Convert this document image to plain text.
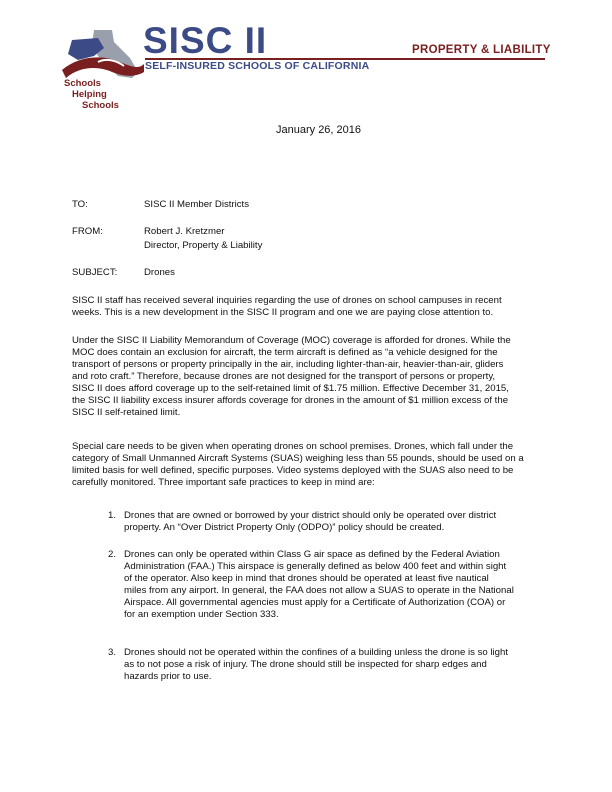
Schools
Helping
Schools
SISC II	PROPERTY & LIABILITY
SELF-INSURED SCHOOLS OF CALIFORNIA
January 26, 2016
TO:	SISC II Member Districts
FROM:	Robert J. Kretzmer
Director, Property & Liability
SUBJECT:	Drones
SISC II staff has received several inquiries regarding the use of drones on school campuses in recent
weeks. This is a new development in the SISC II program and one we are paying close attention to.
Under the SISC II Liability Memorandum of Coverage (MOC) coverage is afforded for drones. While the
MOC does contain an exclusion for aircraft, the term aircraft is defined as “a vehicle designed for the
transport of persons or property principally in the air, including lighter-than-air, heavier-than-air, gliders
and roto craft.” Therefore, because drones are not designed for the transport of persons or property,
SISC II does afford coverage up to the self-retained limit of $1.75 million. Effective December 31, 2015,
the SISC II liability excess insurer affords coverage for drones in the amount of $1 million excess of the
SISC II self-retained limit.
Special care needs to be given when operating drones on school premises. Drones, which fall under the
category of Small Unmanned Aircraft Systems (SUAS) weighing less than 55 pounds, should be used on a
limited basis for well defined, specific purposes. Video systems deployed with the SUAS also need to be
carefully monitored. Three important safe practices to keep in mind are:
1. Drones that are owned or borrowed by your district should only be operated over district
property. An “Over District Property Only (ODPO)” policy should be created.
2. Drones can only be operated within Class G air space as defined by the Federal Aviation
Administration (FAA.) This airspace is generally defined as below 400 feet and within sight
of the operator. Also keep in mind that drones should be operated at least five nautical
miles from any airport. In general, the FAA does not allow a SUAS to operate in the National
Airspace. All governmental agencies must apply for a Certificate of Authorization (COA) or
for an exemption under Section 333.
3. Drones should not be operated within the confines of a building unless the drone is so light
as to not pose a risk of injury. The drone should still be inspected for sharp edges and
hazards prior to use.
